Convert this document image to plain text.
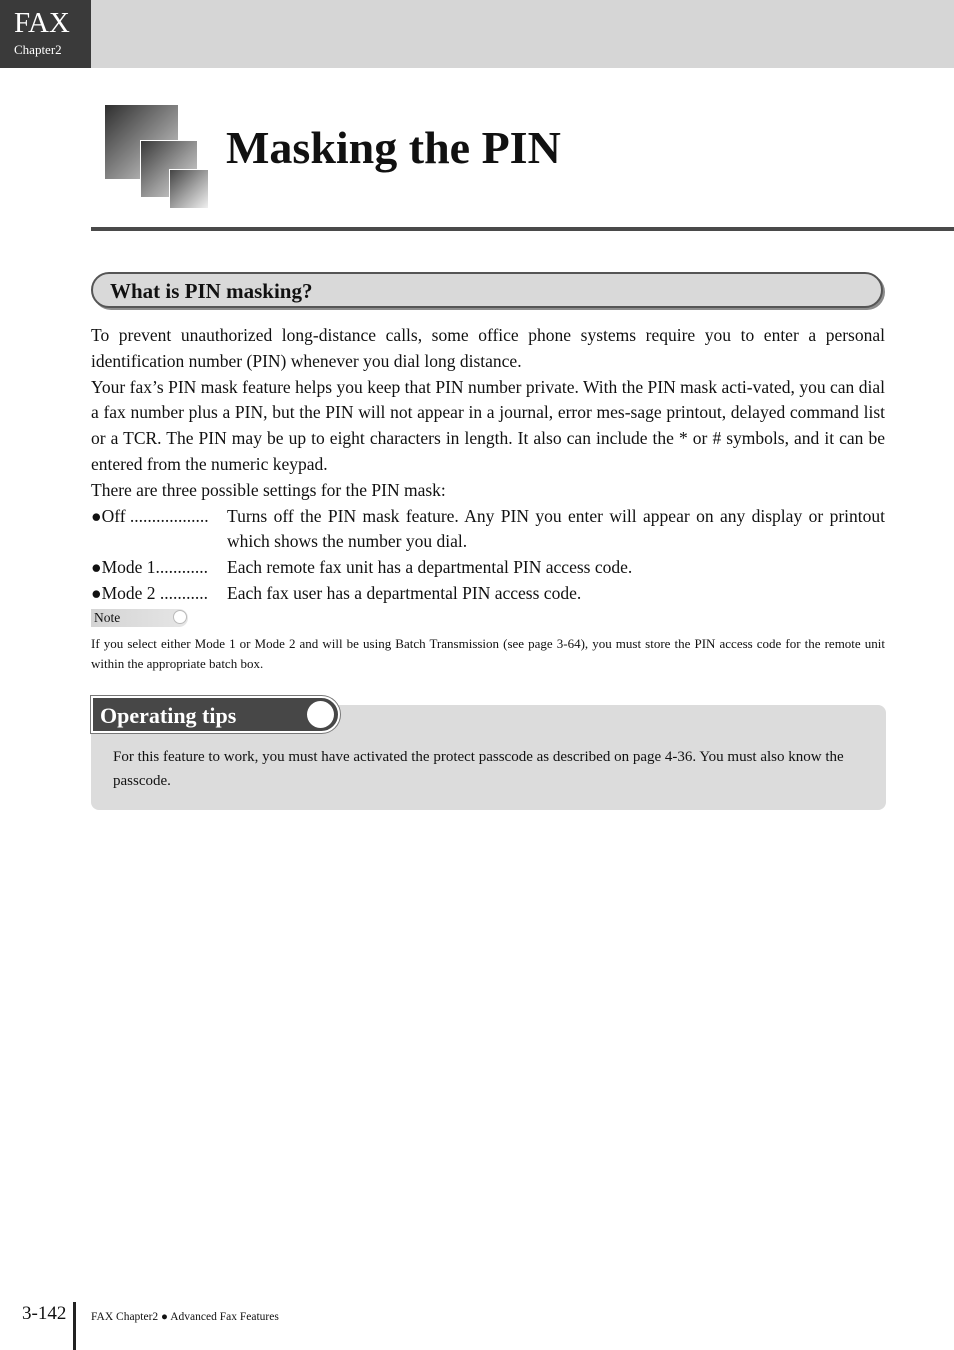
FAX
Chapter2
Masking the PIN
What is PIN masking?

To prevent unauthorized long-distance calls, some office phone systems require you to enter a personal identification number (PIN) whenever you dial long distance.

Your fax’s PIN mask feature helps you keep that PIN number private. With the PIN mask acti-vated, you can dial a fax number plus a PIN, but the PIN will not appear in a journal, error mes-sage printout, delayed command list or a TCR. The PIN may be up to eight characters in length. It also can include the * or # symbols, and it can be entered from the numeric keypad.

There are three possible settings for the PIN mask:

●Off ..................	Turns off the PIN mask feature. Any PIN you enter will appear on any display or printout which shows the number you dial.
●Mode 1............	Each remote fax unit has a departmental PIN access code.
●Mode 2 ...........	Each fax user has a departmental PIN access code.
Note

If you select either Mode 1 or Mode 2 and will be using Batch Transmission (see page 3-64), you must store the PIN access code for the remote unit within the appropriate batch box.

Operating tips

For this feature to work, you must have activated the protect passcode as described on page 4-36. You must also know the passcode.

3-142 FAX Chapter2 ● Advanced Fax Features
